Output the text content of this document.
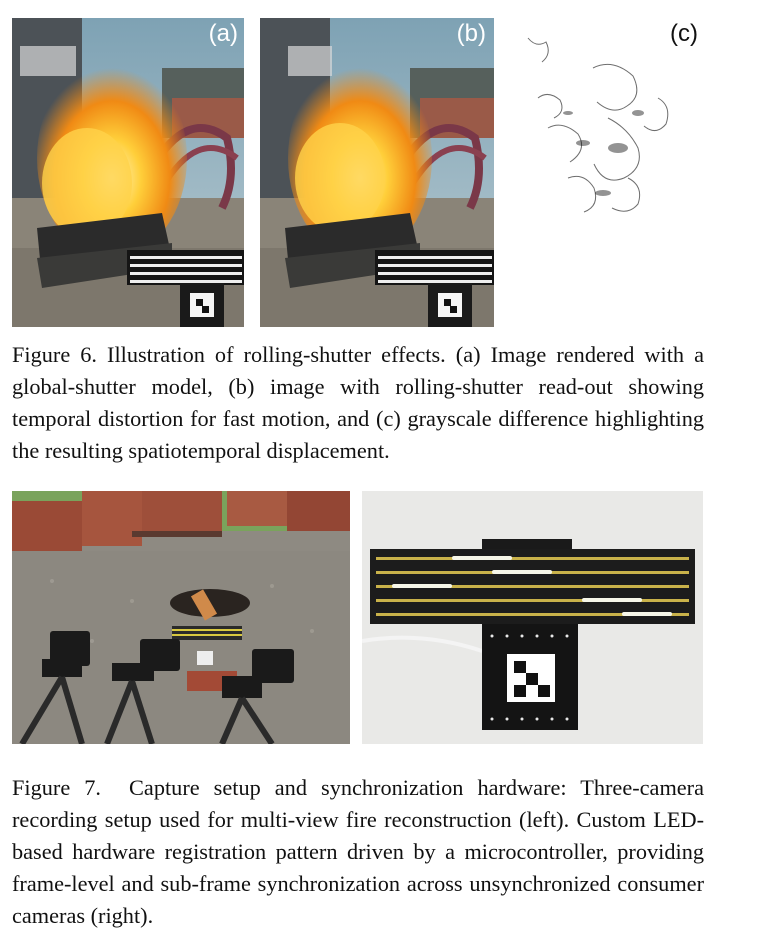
(a)	(b)	(c)
Figure 6. Illustration of rolling-shutter effects. (a) Image rendered with a global-shutter model, (b) image with rolling-shutter read-out showing temporal distortion for fast motion, and (c) grayscale difference highlighting the resulting spatiotemporal displacement.
Figure 7.  Capture setup and synchronization hardware: Three-camera recording setup used for multi-view fire reconstruction (left). Custom LED-based hardware registration pattern driven by a microcontroller, providing frame-level and sub-frame synchronization across unsynchronized consumer cameras (right).
